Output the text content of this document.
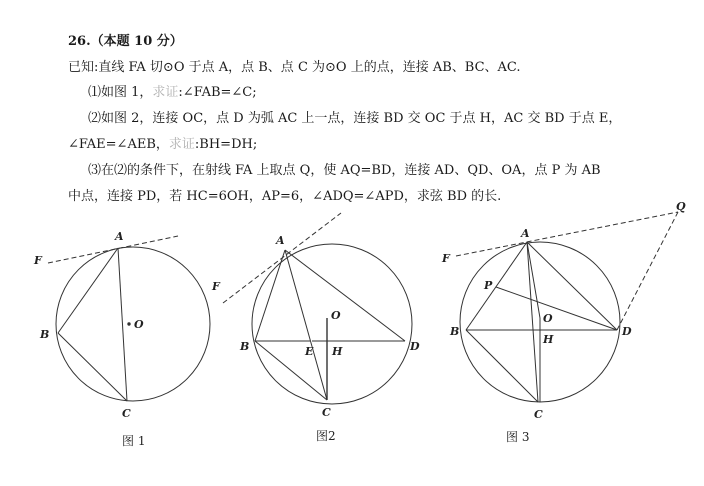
26.（本题 10 分）
已知:直线 FA 切⊙O 于点 A，点 B、点 C 为⊙O 上的点，连接 AB、BC、AC.
⑴如图 1，求证:∠FAB=∠C;
⑵如图 2，连接 OC，点 D 为弧 AC 上一点，连接 BD 交 OC 于点 H，AC 交 BD 于点 E，
∠FAE=∠AEB，求证:BH=DH;
⑶在⑵的条件下，在射线 FA 上取点 Q，使 AQ=BD，连接 AD、QD、OA，点 P 为 AB
中点，连接 PD，若 HC=6OH，AP=6，∠ADQ=∠APD，求弦 BD 的长.
F
A
B
O
C
图 1
A
F
O
B	E H	D
C
图2
Q
A
F
P
O
B
H
D
C
图 3
